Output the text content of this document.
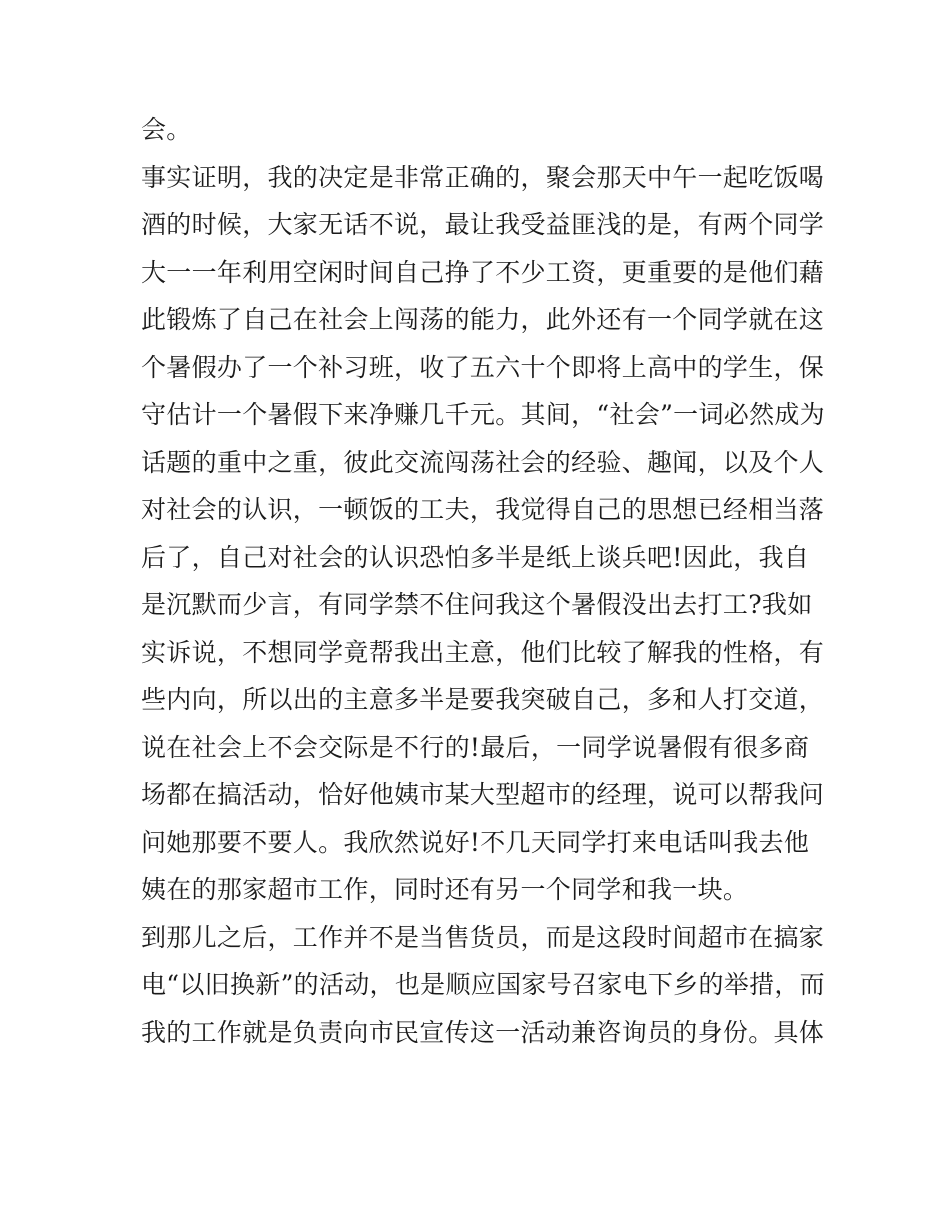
会。
事实证明，我的决定是非常正确的，聚会那天中午一起吃饭喝
酒的时候，大家无话不说，最让我受益匪浅的是，有两个同学
大一一年利用空闲时间自己挣了不少工资，更重要的是他们藉
此锻炼了自己在社会上闯荡的能力，此外还有一个同学就在这
个暑假办了一个补习班，收了五六十个即将上高中的学生，保
守估计一个暑假下来净赚几千元。其间，“社会”一词必然成为
话题的重中之重，彼此交流闯荡社会的经验、趣闻，以及个人
对社会的认识，一顿饭的工夫，我觉得自己的思想已经相当落
后了，自己对社会的认识恐怕多半是纸上谈兵吧!因此，我自
是沉默而少言，有同学禁不住问我这个暑假没出去打工?我如
实诉说，不想同学竟帮我出主意，他们比较了解我的性格，有
些内向，所以出的主意多半是要我突破自己，多和人打交道，
说在社会上不会交际是不行的!最后，一同学说暑假有很多商
场都在搞活动，恰好他姨市某大型超市的经理，说可以帮我问
问她那要不要人。我欣然说好!不几天同学打来电话叫我去他
姨在的那家超市工作，同时还有另一个同学和我一块。
到那儿之后，工作并不是当售货员，而是这段时间超市在搞家
电“以旧换新”的活动，也是顺应国家号召家电下乡的举措，而
我的工作就是负责向市民宣传这一活动兼咨询员的身份。具体
